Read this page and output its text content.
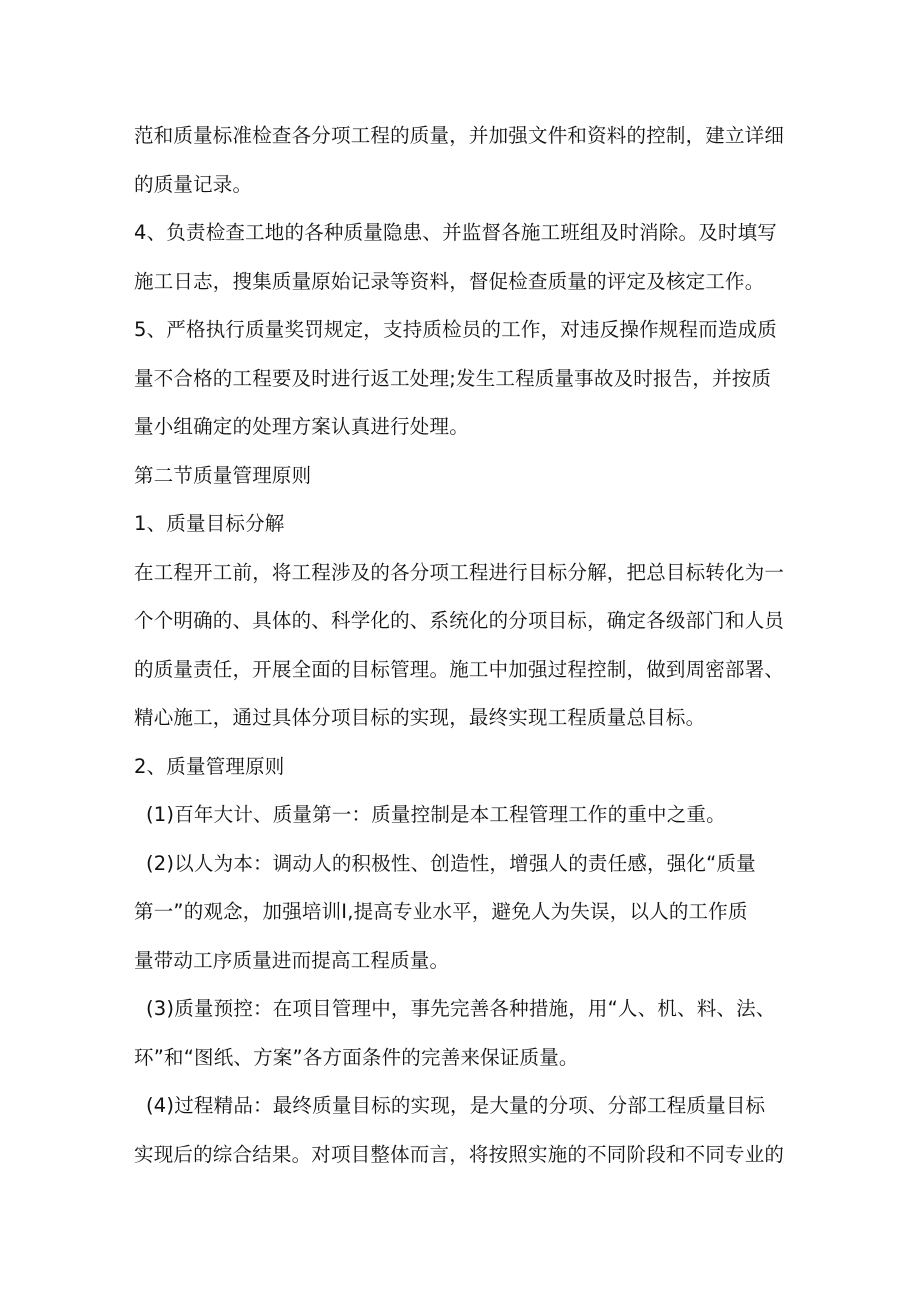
范和质量标准检查各分项工程的质量，并加强文件和资料的控制，建立详细
的质量记录。
4、负责检查工地的各种质量隐患、并监督各施工班组及时消除。及时填写
施工日志，搜集质量原始记录等资料，督促检查质量的评定及核定工作。
5、严格执行质量奖罚规定，支持质检员的工作，对违反操作规程而造成质
量不合格的工程要及时进行返工处理;发生工程质量事故及时报告，并按质
量小组确定的处理方案认真进行处理。
第二节质量管理原则
1、质量目标分解
在工程开工前，将工程涉及的各分项工程进行目标分解，把总目标转化为一
个个明确的、具体的、科学化的、系统化的分项目标，确定各级部门和人员
的质量责任，开展全面的目标管理。施工中加强过程控制，做到周密部署、
精心施工，通过具体分项目标的实现，最终实现工程质量总目标。
2、质量管理原则
(1)百年大计、质量第一：质量控制是本工程管理工作的重中之重。
(2)以人为本：调动人的积极性、创造性，增强人的责任感，强化“质量
第一”的观念，加强培训I,提高专业水平，避免人为失误，以人的工作质
量带动工序质量进而提高工程质量。
(3)质量预控：在项目管理中，事先完善各种措施，用“人、机、料、法、
环”和“图纸、方案”各方面条件的完善来保证质量。
(4)过程精品：最终质量目标的实现，是大量的分项、分部工程质量目标
实现后的综合结果。对项目整体而言，将按照实施的不同阶段和不同专业的
